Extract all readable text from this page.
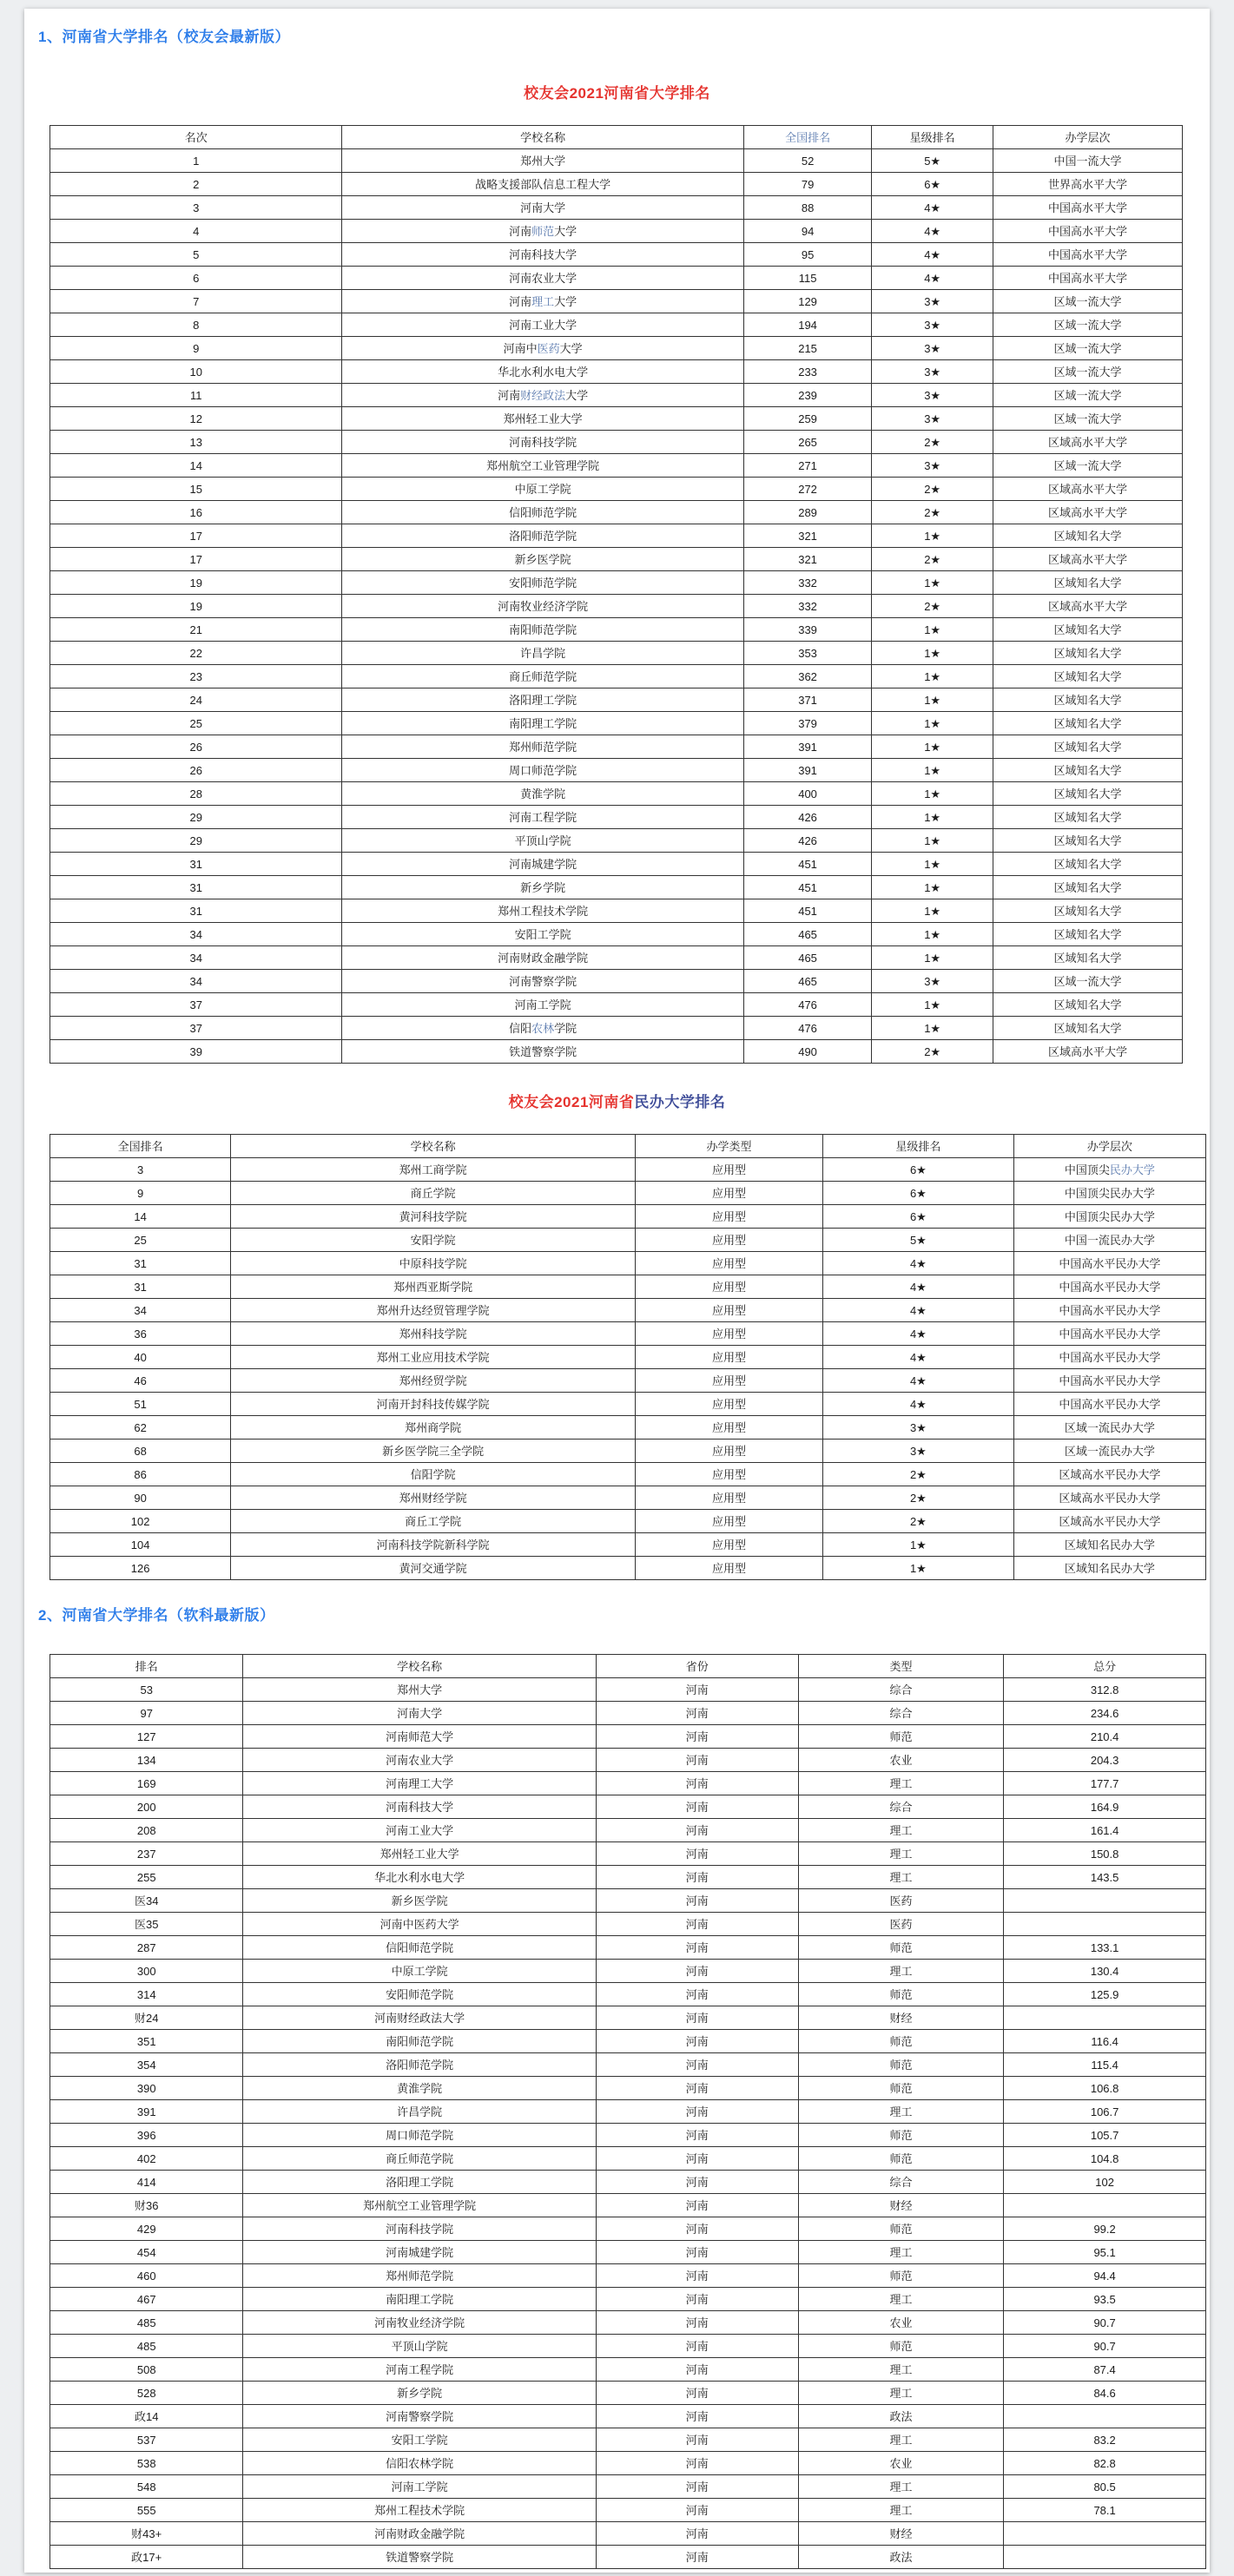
1、河南省大学排名（校友会最新版）
校友会2021河南省大学排名
名次	学校名称	全国排名	星级排名	办学层次
1	郑州大学	52	5★	中国一流大学
2	战略支援部队信息工程大学	79	6★	世界高水平大学
3	河南大学	88	4★	中国高水平大学
4	河南师范大学	94	4★	中国高水平大学
5	河南科技大学	95	4★	中国高水平大学
6	河南农业大学	115	4★	中国高水平大学
7	河南理工大学	129	3★	区域一流大学
8	河南工业大学	194	3★	区域一流大学
9	河南中医药大学	215	3★	区域一流大学
10	华北水利水电大学	233	3★	区域一流大学
11	河南财经政法大学	239	3★	区域一流大学
12	郑州轻工业大学	259	3★	区域一流大学
13	河南科技学院	265	2★	区域高水平大学
14	郑州航空工业管理学院	271	3★	区域一流大学
15	中原工学院	272	2★	区域高水平大学
16	信阳师范学院	289	2★	区域高水平大学
17	洛阳师范学院	321	1★	区域知名大学
17	新乡医学院	321	2★	区域高水平大学
19	安阳师范学院	332	1★	区域知名大学
19	河南牧业经济学院	332	2★	区域高水平大学
21	南阳师范学院	339	1★	区域知名大学
22	许昌学院	353	1★	区域知名大学
23	商丘师范学院	362	1★	区域知名大学
24	洛阳理工学院	371	1★	区域知名大学
25	南阳理工学院	379	1★	区域知名大学
26	郑州师范学院	391	1★	区域知名大学
26	周口师范学院	391	1★	区域知名大学
28	黄淮学院	400	1★	区域知名大学
29	河南工程学院	426	1★	区域知名大学
29	平顶山学院	426	1★	区域知名大学
31	河南城建学院	451	1★	区域知名大学
31	新乡学院	451	1★	区域知名大学
31	郑州工程技术学院	451	1★	区域知名大学
34	安阳工学院	465	1★	区域知名大学
34	河南财政金融学院	465	1★	区域知名大学
34	河南警察学院	465	3★	区域一流大学
37	河南工学院	476	1★	区域知名大学
37	信阳农林学院	476	1★	区域知名大学
39	铁道警察学院	490	2★	区域高水平大学
校友会2021河南省民办大学排名
全国排名	学校名称	办学类型	星级排名	办学层次
3	郑州工商学院	应用型	6★	中国顶尖民办大学
9	商丘学院	应用型	6★	中国顶尖民办大学
14	黄河科技学院	应用型	6★	中国顶尖民办大学
25	安阳学院	应用型	5★	中国一流民办大学
31	中原科技学院	应用型	4★	中国高水平民办大学
31	郑州西亚斯学院	应用型	4★	中国高水平民办大学
34	郑州升达经贸管理学院	应用型	4★	中国高水平民办大学
36	郑州科技学院	应用型	4★	中国高水平民办大学
40	郑州工业应用技术学院	应用型	4★	中国高水平民办大学
46	郑州经贸学院	应用型	4★	中国高水平民办大学
51	河南开封科技传媒学院	应用型	4★	中国高水平民办大学
62	郑州商学院	应用型	3★	区域一流民办大学
68	新乡医学院三全学院	应用型	3★	区域一流民办大学
86	信阳学院	应用型	2★	区域高水平民办大学
90	郑州财经学院	应用型	2★	区域高水平民办大学
102	商丘工学院	应用型	2★	区域高水平民办大学
104	河南科技学院新科学院	应用型	1★	区域知名民办大学
126	黄河交通学院	应用型	1★	区域知名民办大学
2、河南省大学排名（软科最新版）
排名	学校名称	省份	类型	总分
53	郑州大学	河南	综合	312.8
97	河南大学	河南	综合	234.6
127	河南师范大学	河南	师范	210.4
134	河南农业大学	河南	农业	204.3
169	河南理工大学	河南	理工	177.7
200	河南科技大学	河南	综合	164.9
208	河南工业大学	河南	理工	161.4
237	郑州轻工业大学	河南	理工	150.8
255	华北水利水电大学	河南	理工	143.5
医34	新乡医学院	河南	医药	
医35	河南中医药大学	河南	医药	
287	信阳师范学院	河南	师范	133.1
300	中原工学院	河南	理工	130.4
314	安阳师范学院	河南	师范	125.9
财24	河南财经政法大学	河南	财经	
351	南阳师范学院	河南	师范	116.4
354	洛阳师范学院	河南	师范	115.4
390	黄淮学院	河南	师范	106.8
391	许昌学院	河南	理工	106.7
396	周口师范学院	河南	师范	105.7
402	商丘师范学院	河南	师范	104.8
414	洛阳理工学院	河南	综合	102
财36	郑州航空工业管理学院	河南	财经	
429	河南科技学院	河南	师范	99.2
454	河南城建学院	河南	理工	95.1
460	郑州师范学院	河南	师范	94.4
467	南阳理工学院	河南	理工	93.5
485	河南牧业经济学院	河南	农业	90.7
485	平顶山学院	河南	师范	90.7
508	河南工程学院	河南	理工	87.4
528	新乡学院	河南	理工	84.6
政14	河南警察学院	河南	政法	
537	安阳工学院	河南	理工	83.2
538	信阳农林学院	河南	农业	82.8
548	河南工学院	河南	理工	80.5
555	郑州工程技术学院	河南	理工	78.1
财43+	河南财政金融学院	河南	财经	
政17+	铁道警察学院	河南	政法	
